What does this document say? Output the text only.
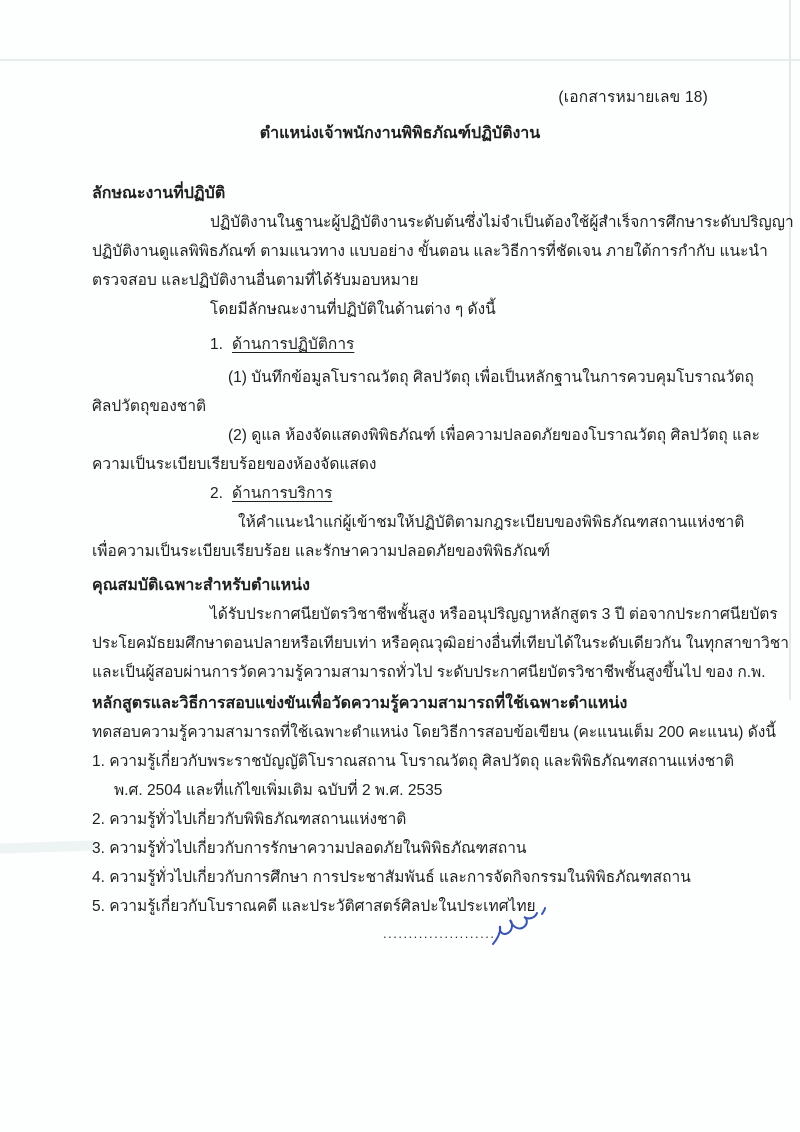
(เอกสารหมายเลข 18)
ตำแหน่งเจ้าพนักงานพิพิธภัณฑ์ปฏิบัติงาน
ลักษณะงานที่ปฏิบัติ
ปฏิบัติงานในฐานะผู้ปฏิบัติงานระดับต้นซึ่งไม่จำเป็นต้องใช้ผู้สำเร็จการศึกษาระดับปริญญา
ปฏิบัติงานดูแลพิพิธภัณฑ์ ตามแนวทาง แบบอย่าง ขั้นตอน และวิธีการที่ชัดเจน ภายใต้การกำกับ แนะนำ
ตรวจสอบ และปฏิบัติงานอื่นตามที่ได้รับมอบหมาย
โดยมีลักษณะงานที่ปฏิบัติในด้านต่าง ๆ ดังนี้
1. ด้านการปฏิบัติการ
(1) บันทึกข้อมูลโบราณวัตถุ ศิลปวัตถุ เพื่อเป็นหลักฐานในการควบคุมโบราณวัตถุ
ศิลปวัตถุของชาติ
(2) ดูแล ห้องจัดแสดงพิพิธภัณฑ์ เพื่อความปลอดภัยของโบราณวัตถุ ศิลปวัตถุ และ
ความเป็นระเบียบเรียบร้อยของห้องจัดแสดง
2. ด้านการบริการ
ให้คำแนะนำแก่ผู้เข้าชมให้ปฏิบัติตามกฎระเบียบของพิพิธภัณฑสถานแห่งชาติ
เพื่อความเป็นระเบียบเรียบร้อย และรักษาความปลอดภัยของพิพิธภัณฑ์
คุณสมบัติเฉพาะสำหรับตำแหน่ง
ได้รับประกาศนียบัตรวิชาชีพชั้นสูง หรืออนุปริญญาหลักสูตร 3 ปี ต่อจากประกาศนียบัตร
ประโยคมัธยมศึกษาตอนปลายหรือเทียบเท่า หรือคุณวุฒิอย่างอื่นที่เทียบได้ในระดับเดียวกัน ในทุกสาขาวิชา
และเป็นผู้สอบผ่านการวัดความรู้ความสามารถทั่วไป ระดับประกาศนียบัตรวิชาชีพชั้นสูงขึ้นไป ของ ก.พ.
หลักสูตรและวิธีการสอบแข่งขันเพื่อวัดความรู้ความสามารถที่ใช้เฉพาะตำแหน่ง
ทดสอบความรู้ความสามารถที่ใช้เฉพาะตำแหน่ง โดยวิธีการสอบข้อเขียน (คะแนนเต็ม 200 คะแนน) ดังนี้
1. ความรู้เกี่ยวกับพระราชบัญญัติโบราณสถาน โบราณวัตถุ ศิลปวัตถุ และพิพิธภัณฑสถานแห่งชาติ
พ.ศ. 2504 และที่แก้ไขเพิ่มเติม ฉบับที่ 2 พ.ศ. 2535
2. ความรู้ทั่วไปเกี่ยวกับพิพิธภัณฑสถานแห่งชาติ
3. ความรู้ทั่วไปเกี่ยวกับการรักษาความปลอดภัยในพิพิธภัณฑสถาน
4. ความรู้ทั่วไปเกี่ยวกับการศึกษา การประชาสัมพันธ์ และการจัดกิจกรรมในพิพิธภัณฑสถาน
5. ความรู้เกี่ยวกับโบราณคดี และประวัติศาสตร์ศิลปะในประเทศไทย
......................
